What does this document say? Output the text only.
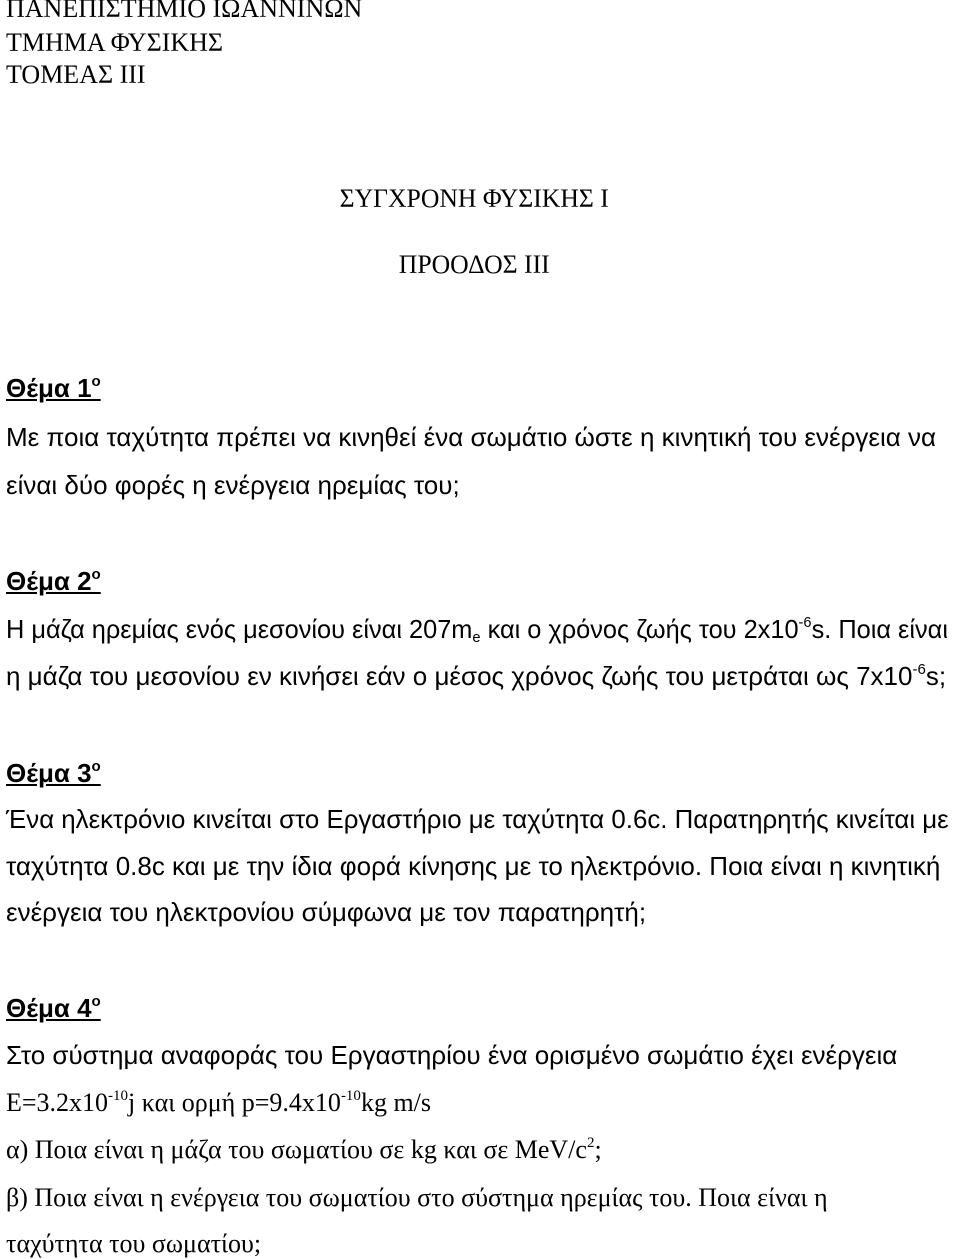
ΠΑΝΕΠΙΣΤΗΜΙΟ ΙΩΑΝΝΙΝΩΝ
ΤΜΗΜΑ ΦΥΣΙΚΗΣ
ΤΟΜΕΑΣ ΙΙΙ
ΣΥΓΧΡΟΝΗ ΦΥΣΙΚΗΣ Ι
ΠΡΟΟΔΟΣ ΙΙΙ
Θέμα $1^o$
Με ποια ταχύτητα πρέπει να κινηθεί ένα σωμάτιο ώστε η κινητική του ενέργεια να
είναι δύο φορές η ενέργεια ηρεμίας του;
Θέμα $2^o$
Η μάζα ηρεμίας ενός μεσονίου είναι $207m_e$ και ο χρόνος ζωής του $2x10^{-6}s$. Ποια είναι
η μάζα του μεσονίου εν κινήσει εάν ο μέσος χρόνος ζωής του μετράται ως $7x10^{-6}s$;
Θέμα $3^o$
Ένα ηλεκτρόνιο κινείται στο Εργαστήριο με ταχύτητα 0.6c. Παρατηρητής κινείται με
ταχύτητα 0.8c και με την ίδια φορά κίνησης με το ηλεκτρόνιο. Ποια είναι η κινητική
ενέργεια του ηλεκτρονίου σύμφωνα με τον παρατηρητή;
Θέμα $4^o$
Στο σύστημα αναφοράς του Εργαστηρίου ένα ορισμένο σωμάτιο έχει ενέργεια
$E=3.2x10^{-10}j$ και ορμή $p=9.4x10^{-10}kg$ m/s
α) Ποια είναι η μάζα του σωματίου σε kg και σε MeV/$c^2$;
β) Ποια είναι η ενέργεια του σωματίου στο σύστημα ηρεμίας του. Ποια είναι η
ταχύτητα του σωματίου;
